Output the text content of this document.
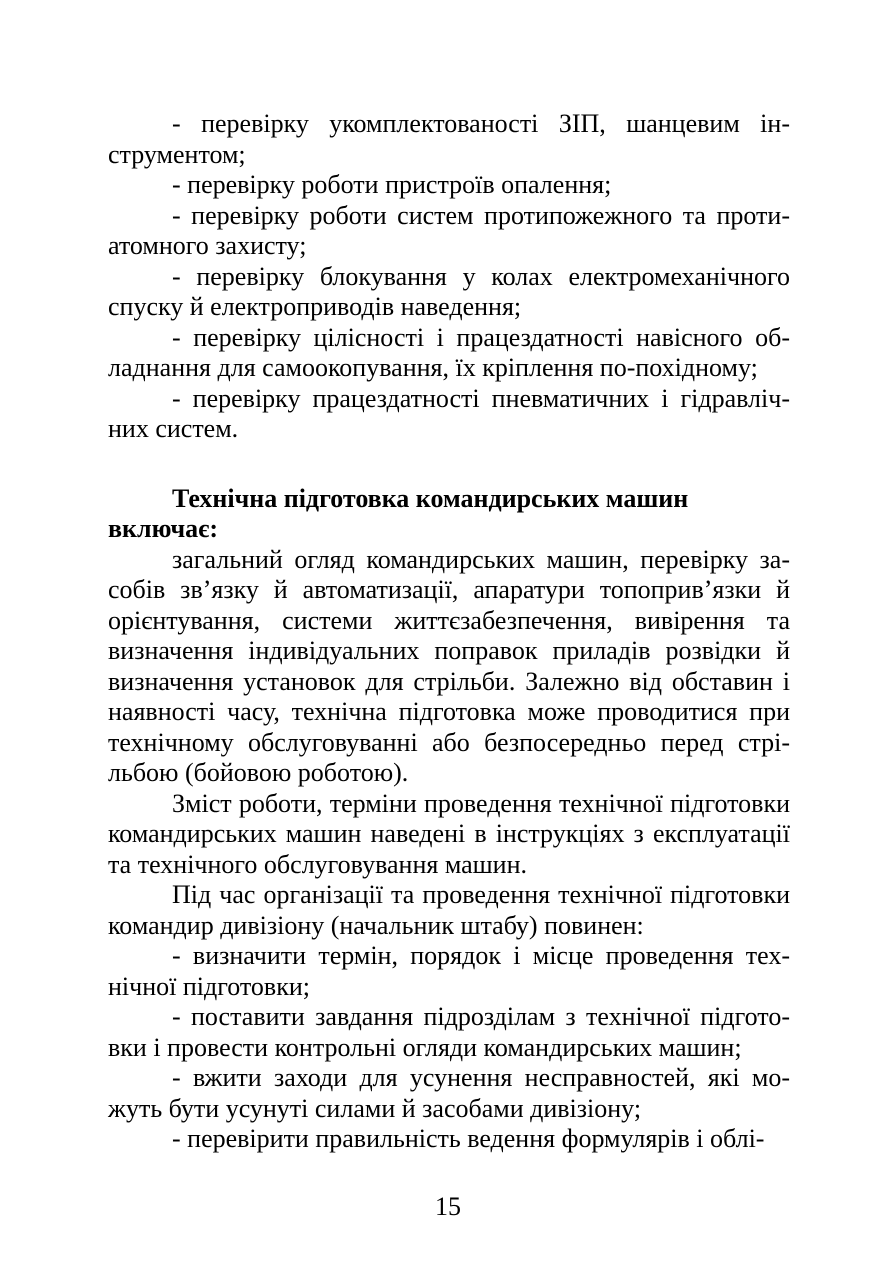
- перевірку укомплектованості ЗІП, шанцевим інструментом;

- перевірку роботи пристроїв опалення;

- перевірку роботи систем протипожежного та протиатомного захисту;

- перевірку блокування у колах електромеханічного спуску й електроприводів наведення;

- перевірку цілісності і працездатності навісного обладнання для самоокопування, їх кріплення по-похідному;

- перевірку працездатності пневматичних і гідравлічних систем.

Технічна підготовка командирських машин
включає:

загальний огляд командирських машин, перевірку засобів зв’язку й автоматизації, апаратури топоприв’язки й орієнтування, системи життєзабезпечення, вивірення та визначення індивідуальних поправок приладів розвідки й визначення установок для стрільби. Залежно від обставин і наявності часу, технічна підготовка може проводитися при технічному обслуговуванні або безпосередньо перед стрільбою (бойовою роботою).

Зміст роботи, терміни проведення технічної підготовки командирських машин наведені в інструкціях з експлуатації та технічного обслуговування машин.

Під час організації та проведення технічної підготовки командир дивізіону (начальник штабу) повинен:

- визначити термін, порядок і місце проведення технічної підготовки;

- поставити завдання підрозділам з технічної підготовки і провести контрольні огляди командирських машин;

- вжити заходи для усунення несправностей, які можуть бути усунуті силами й засобами дивізіону;

- перевірити правильність ведення формулярів і облі-

15
